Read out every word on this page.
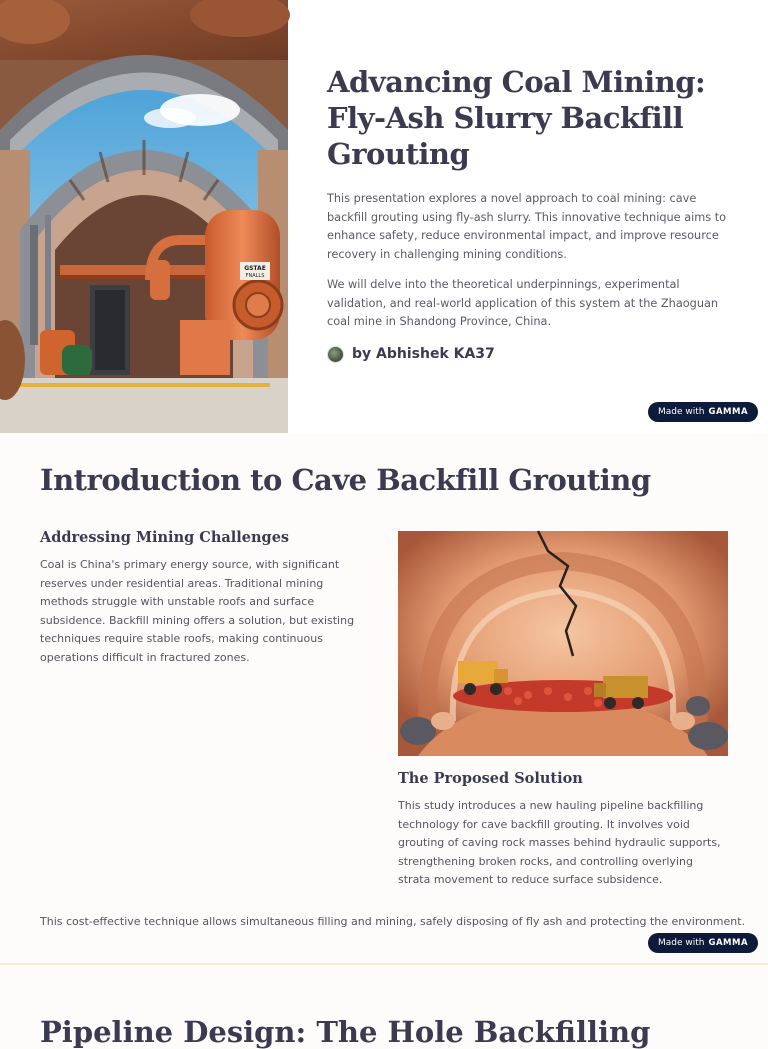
GSTAE
FNALLS
Advancing Coal Mining: Fly-Ash Slurry Backfill Grouting

This presentation explores a novel approach to coal mining: cave backfill grouting using fly-ash slurry. This innovative technique aims to enhance safety, reduce environmental impact, and improve resource recovery in challenging mining conditions.

We will delve into the theoretical underpinnings, experimental validation, and real-world application of this system at the Zhaoguan coal mine in Shandong Province, China.

by Abhishek KA37
Made with GAMMA
Introduction to Cave Backfill Grouting
Addressing Mining Challenges

Coal is China's primary energy source, with significant reserves under residential areas. Traditional mining methods struggle with unstable roofs and surface subsidence. Backfill mining offers a solution, but existing techniques require stable roofs, making continuous operations difficult in fractured zones.

The Proposed Solution

This study introduces a new hauling pipeline backfilling technology for cave backfill grouting. It involves void grouting of caving rock masses behind hydraulic supports, strengthening broken rocks, and controlling overlying strata movement to reduce surface subsidence.

This cost-effective technique allows simultaneous filling and mining, safely disposing of fly ash and protecting the environment.

Made with GAMMA
Pipeline Design: The Hole Backfilling
